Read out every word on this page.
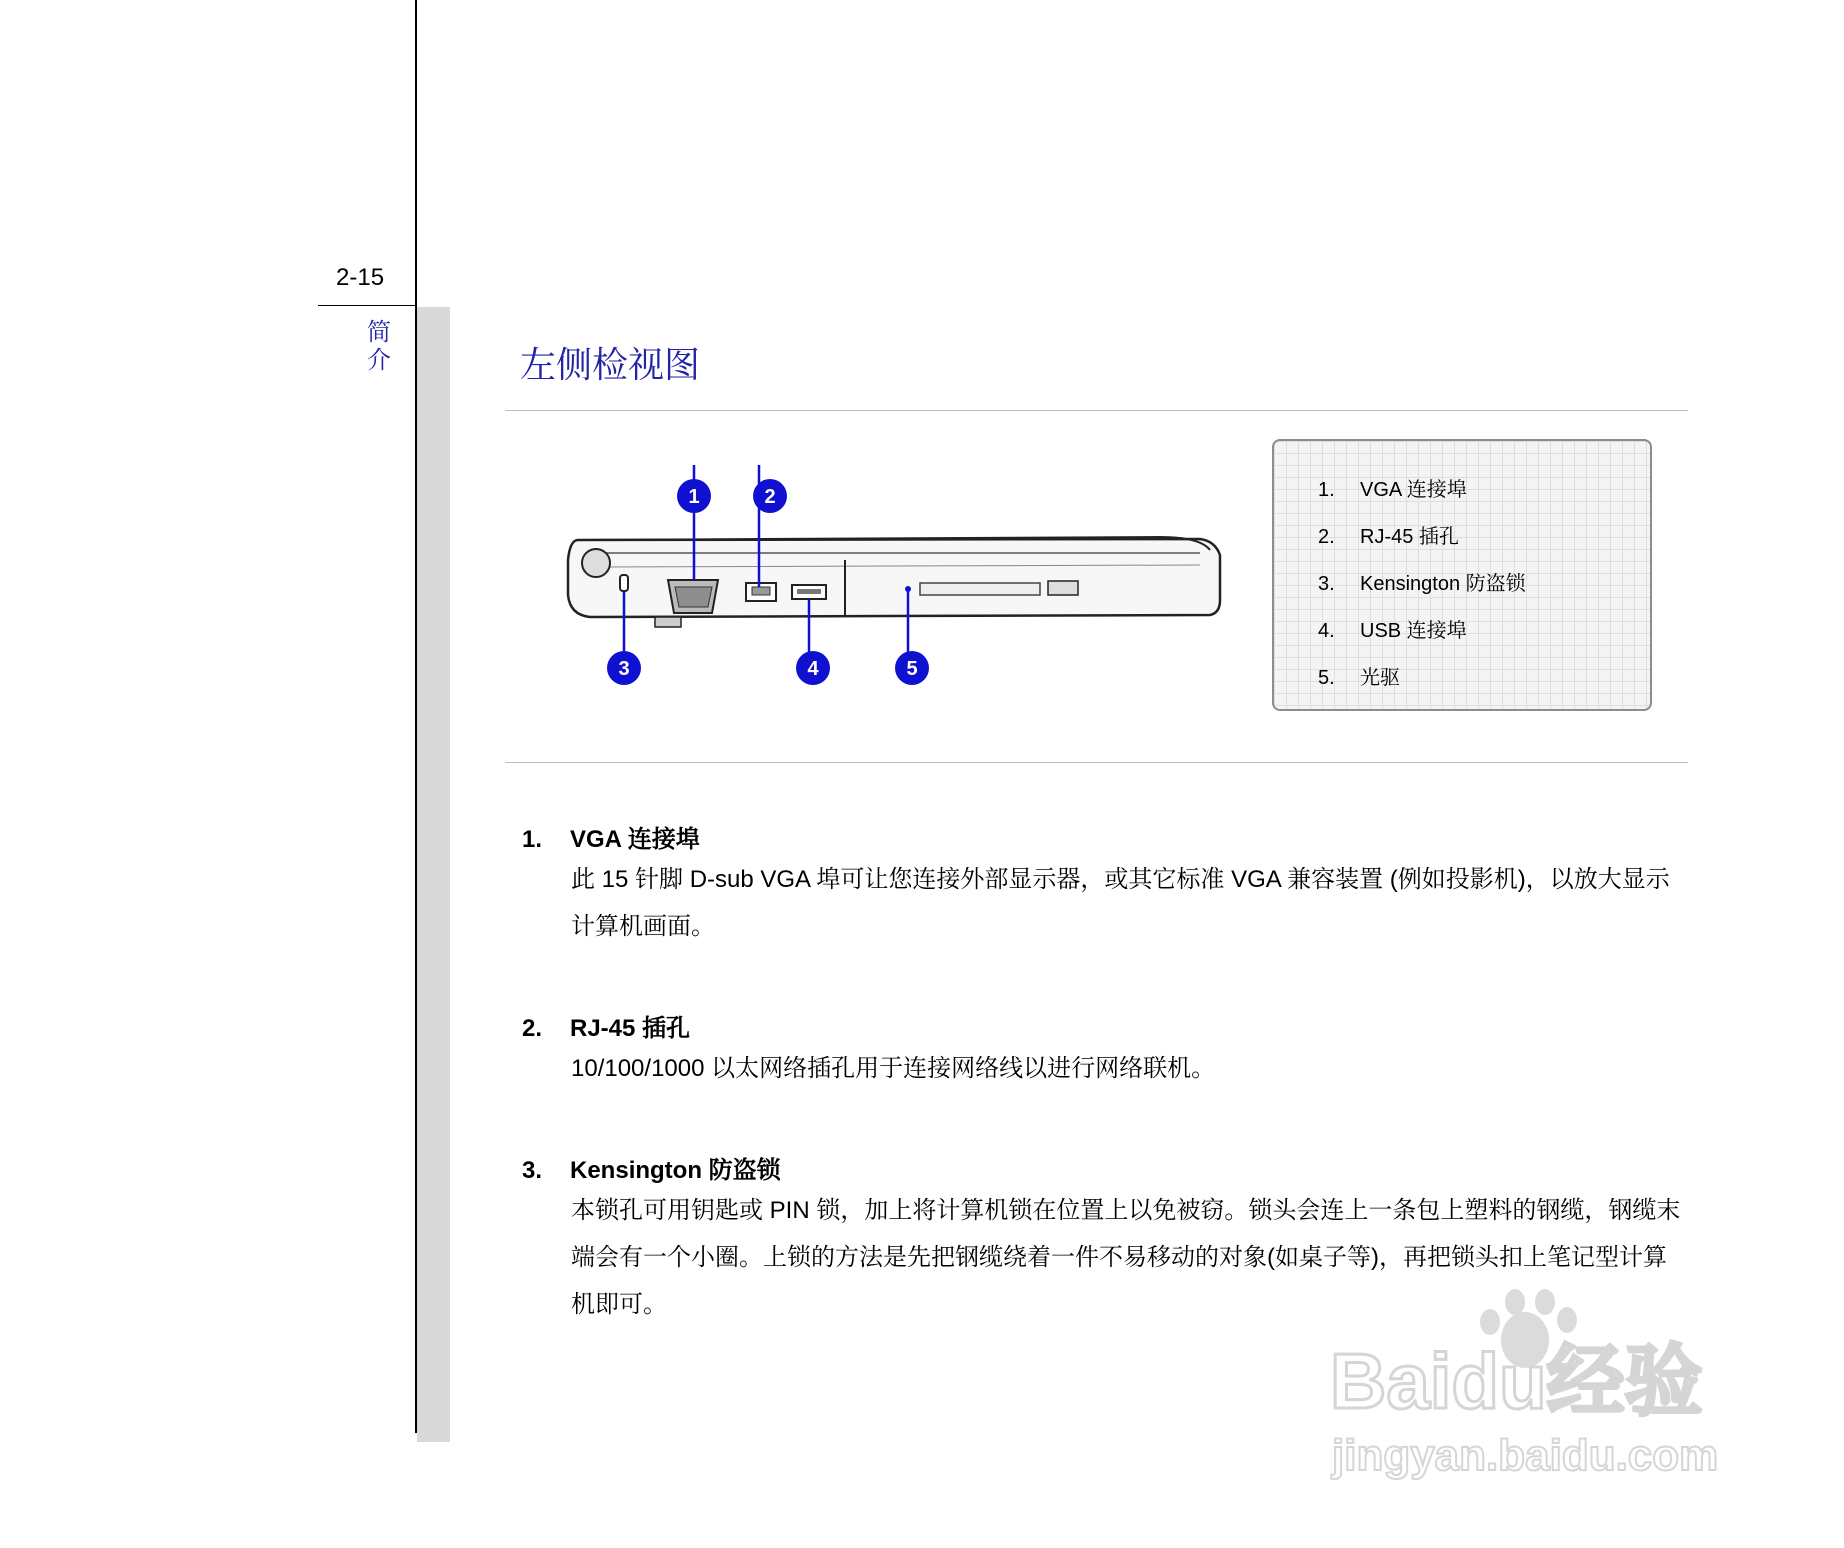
2-15
简介	左侧检视图
1	2
3	4	5
1. VGA 连接埠
2. RJ-45 插孔
3. Kensington 防盗锁
4. USB 连接埠
5. 光驱
1. VGA 连接埠
此 15 针脚 D-sub VGA 埠可让您连接外部显示器，或其它标准 VGA 兼容装置 (例如投影机)，以放大显示计算机画面。
2. RJ-45 插孔
10/100/1000 以太网络插孔用于连接网络线以进行网络联机。
3. Kensington 防盗锁
本锁孔可用钥匙或 PIN 锁，加上将计算机锁在位置上以免被窃。锁头会连上一条包上塑料的钢缆，钢缆末端会有一个小圈。上锁的方法是先把钢缆绕着一件不易移动的对象(如桌子等)，再把锁头扣上笔记型计算机即可。
Baidu经验
jingyan.baidu.com
